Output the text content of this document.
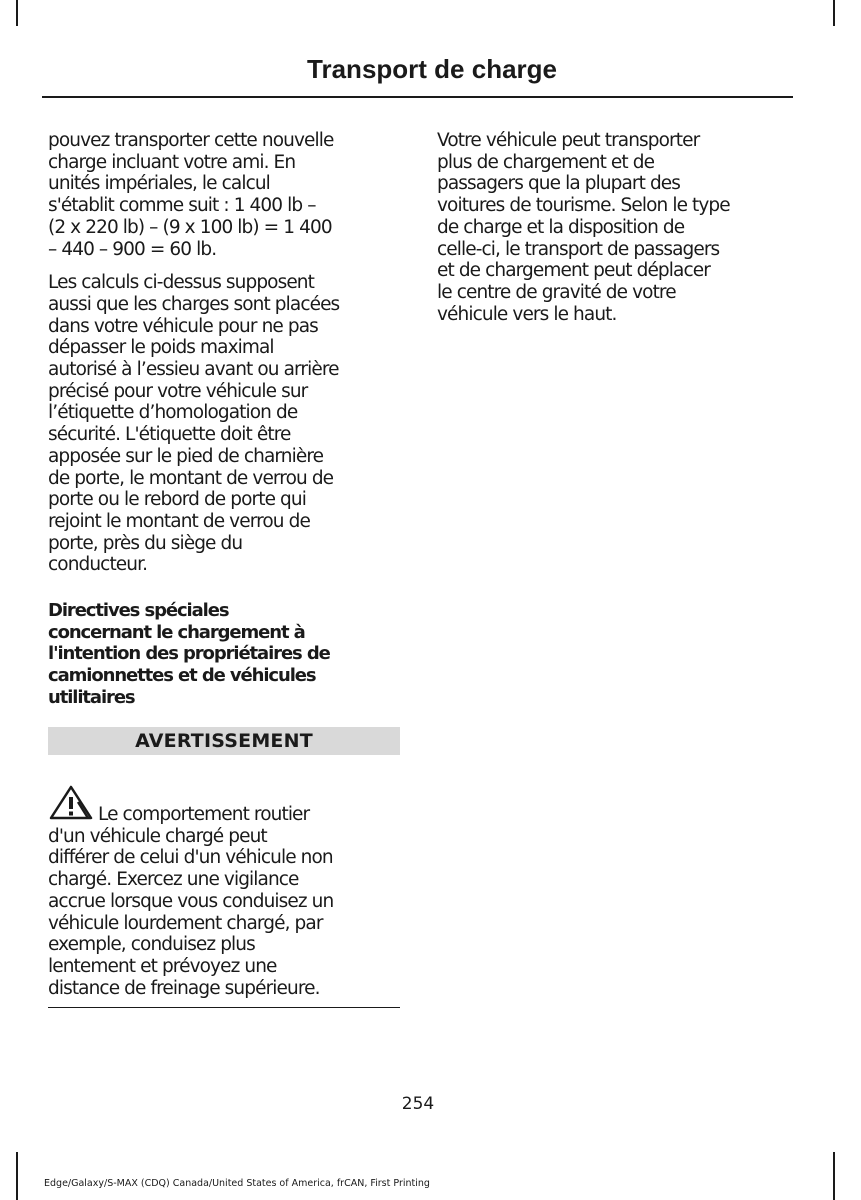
Transport de charge

pouvez transporter cette nouvelle
charge incluant votre ami. En
unités impériales, le calcul
s'établit comme suit : 1 400 lb –
(2 x 220 lb) – (9 x 100 lb) = 1 400
– 440 – 900 = 60 lb.

Les calculs ci-dessus supposent
aussi que les charges sont placées
dans votre véhicule pour ne pas
dépasser le poids maximal
autorisé à l’essieu avant ou arrière
précisé pour votre véhicule sur
l’étiquette d’homologation de
sécurité. L'étiquette doit être
apposée sur le pied de charnière
de porte, le montant de verrou de
porte ou le rebord de porte qui
rejoint le montant de verrou de
porte, près du siège du
conducteur.

Directives spéciales
concernant le chargement à
l'intention des propriétaires de
camionnettes et de véhicules
utilitaires
AVERTISSEMENT

Le comportement routier
d'un véhicule chargé peut
différer de celui d'un véhicule non
chargé. Exercez une vigilance
accrue lorsque vous conduisez un
véhicule lourdement chargé, par
exemple, conduisez plus
lentement et prévoyez une
distance de freinage supérieure.

Votre véhicule peut transporter
plus de chargement et de
passagers que la plupart des
voitures de tourisme. Selon le type
de charge et la disposition de
celle-ci, le transport de passagers
et de chargement peut déplacer
le centre de gravité de votre
véhicule vers le haut.

254
Edge/Galaxy/S-MAX (CDQ) Canada/United States of America, frCAN, First Printing
